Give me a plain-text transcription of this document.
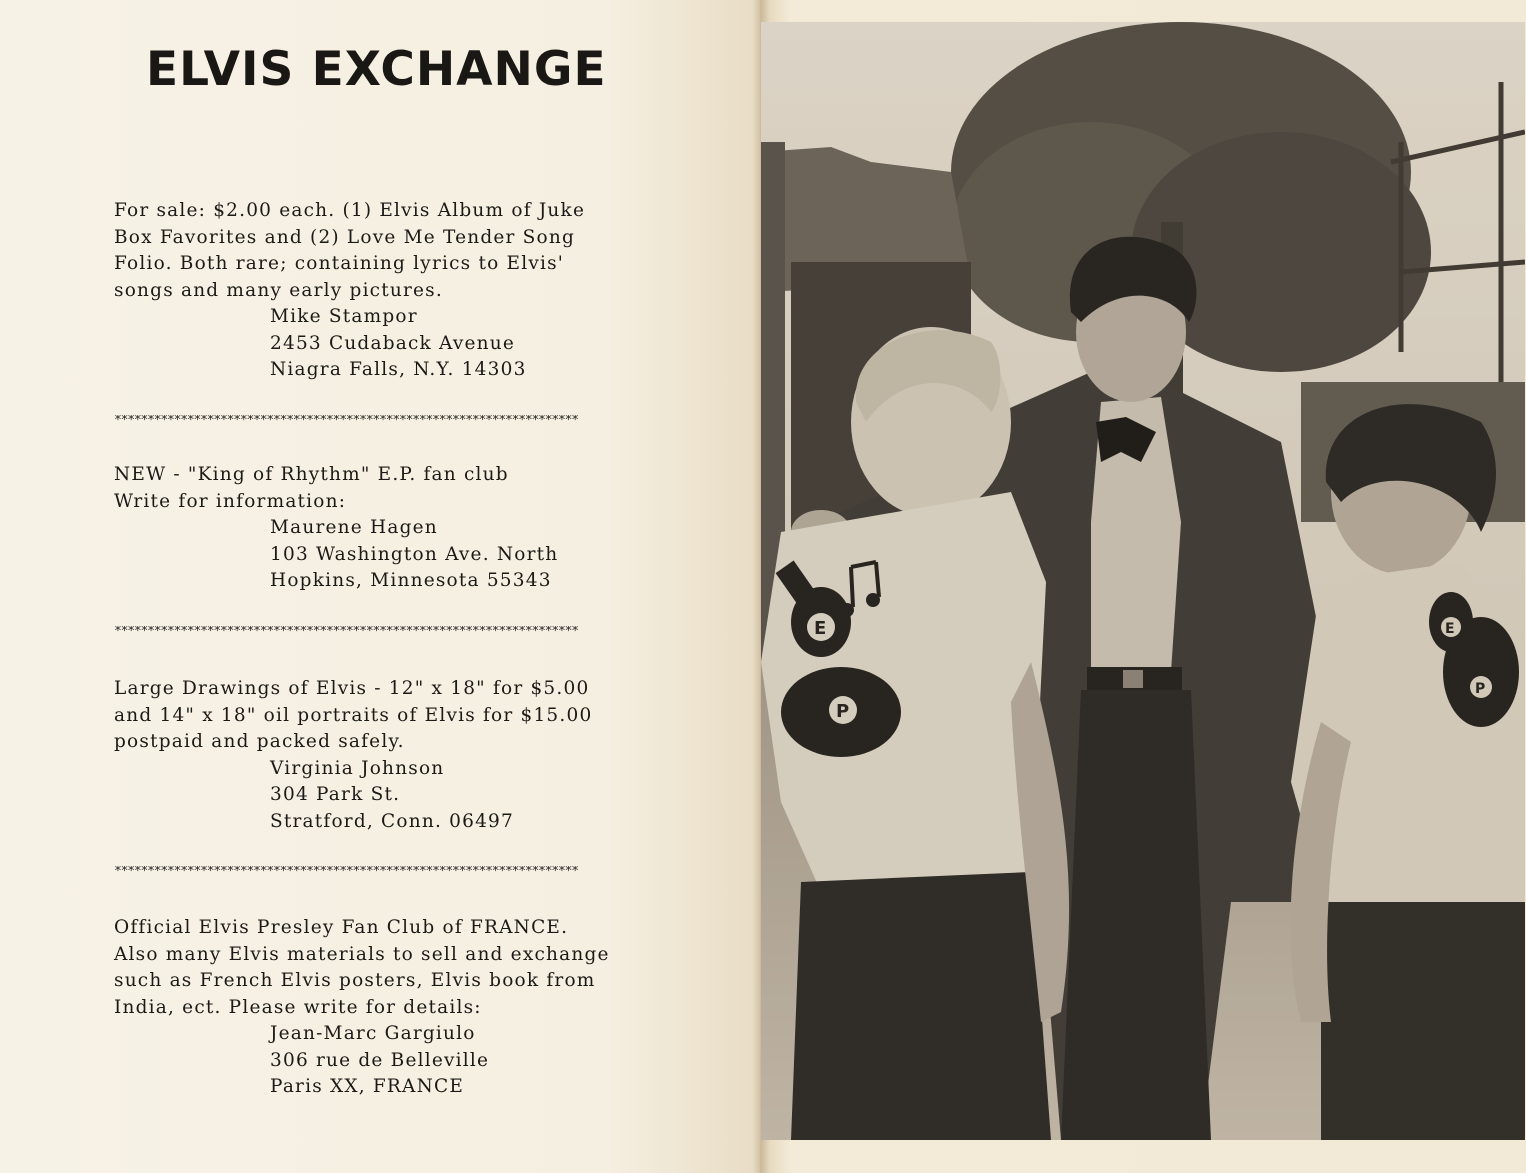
ELVIS EXCHANGE
For sale: $2.00 each. (1) Elvis Album of Juke
Box Favorites and (2) Love Me Tender Song
Folio. Both rare; containing lyrics to Elvis'
songs and many early pictures.
Mike Stampor
2453 Cudaback Avenue
Niagra Falls, N.Y. 14303
**********************************************************************
NEW - "King of Rhythm" E.P. fan club
Write for information:
Maurene Hagen
103 Washington Ave. North
Hopkins, Minnesota 55343
**********************************************************************
Large Drawings of Elvis - 12" x 18" for $5.00
and 14" x 18" oil portraits of Elvis for $15.00
postpaid and packed safely.
Virginia Johnson
304 Park St.
Stratford, Conn. 06497
**********************************************************************
Official Elvis Presley Fan Club of FRANCE.
Also many Elvis materials to sell and exchange
such as French Elvis posters, Elvis book from
India, ect. Please write for details:
Jean-Marc Gargiulo
306 rue de Belleville
Paris XX, FRANCE
E
P
E
P
